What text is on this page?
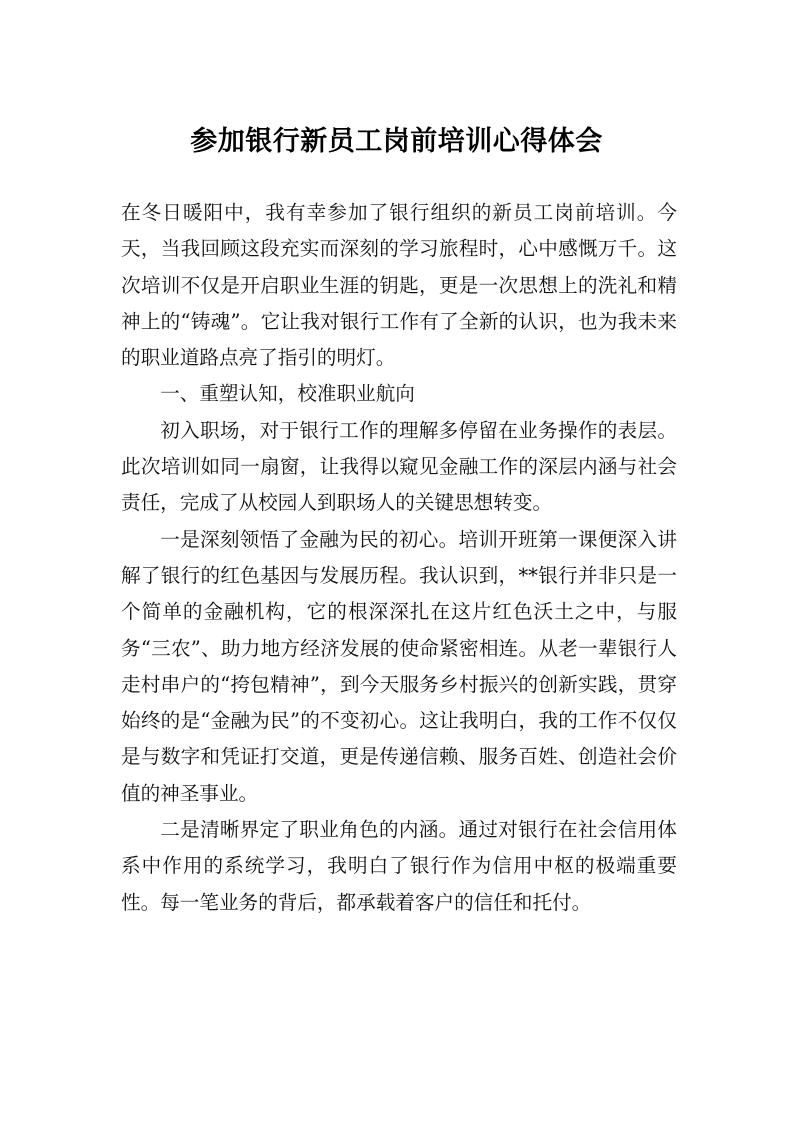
参加银行新员工岗前培训心得体会

在冬日暖阳中，我有幸参加了银行组织的新员工岗前培训。今天，当我回顾这段充实而深刻的学习旅程时，心中感慨万千。这次培训不仅是开启职业生涯的钥匙，更是一次思想上的洗礼和精神上的“铸魂”。它让我对银行工作有了全新的认识，也为我未来的职业道路点亮了指引的明灯。

一、重塑认知，校准职业航向

初入职场，对于银行工作的理解多停留在业务操作的表层。此次培训如同一扇窗，让我得以窥见金融工作的深层内涵与社会责任，完成了从校园人到职场人的关键思想转变。

一是深刻领悟了金融为民的初心。培训开班第一课便深入讲解了银行的红色基因与发展历程。我认识到，**银行并非只是一个简单的金融机构，它的根深深扎在这片红色沃土之中，与服务“三农”、助力地方经济发展的使命紧密相连。从老一辈银行人走村串户的“挎包精神”，到今天服务乡村振兴的创新实践，贯穿始终的是“金融为民”的不变初心。这让我明白，我的工作不仅仅是与数字和凭证打交道，更是传递信赖、服务百姓、创造社会价值的神圣事业。

二是清晰界定了职业角色的内涵。通过对银行在社会信用体系中作用的系统学习，我明白了银行作为信用中枢的极端重要性。每一笔业务的背后，都承载着客户的信任和托付。
